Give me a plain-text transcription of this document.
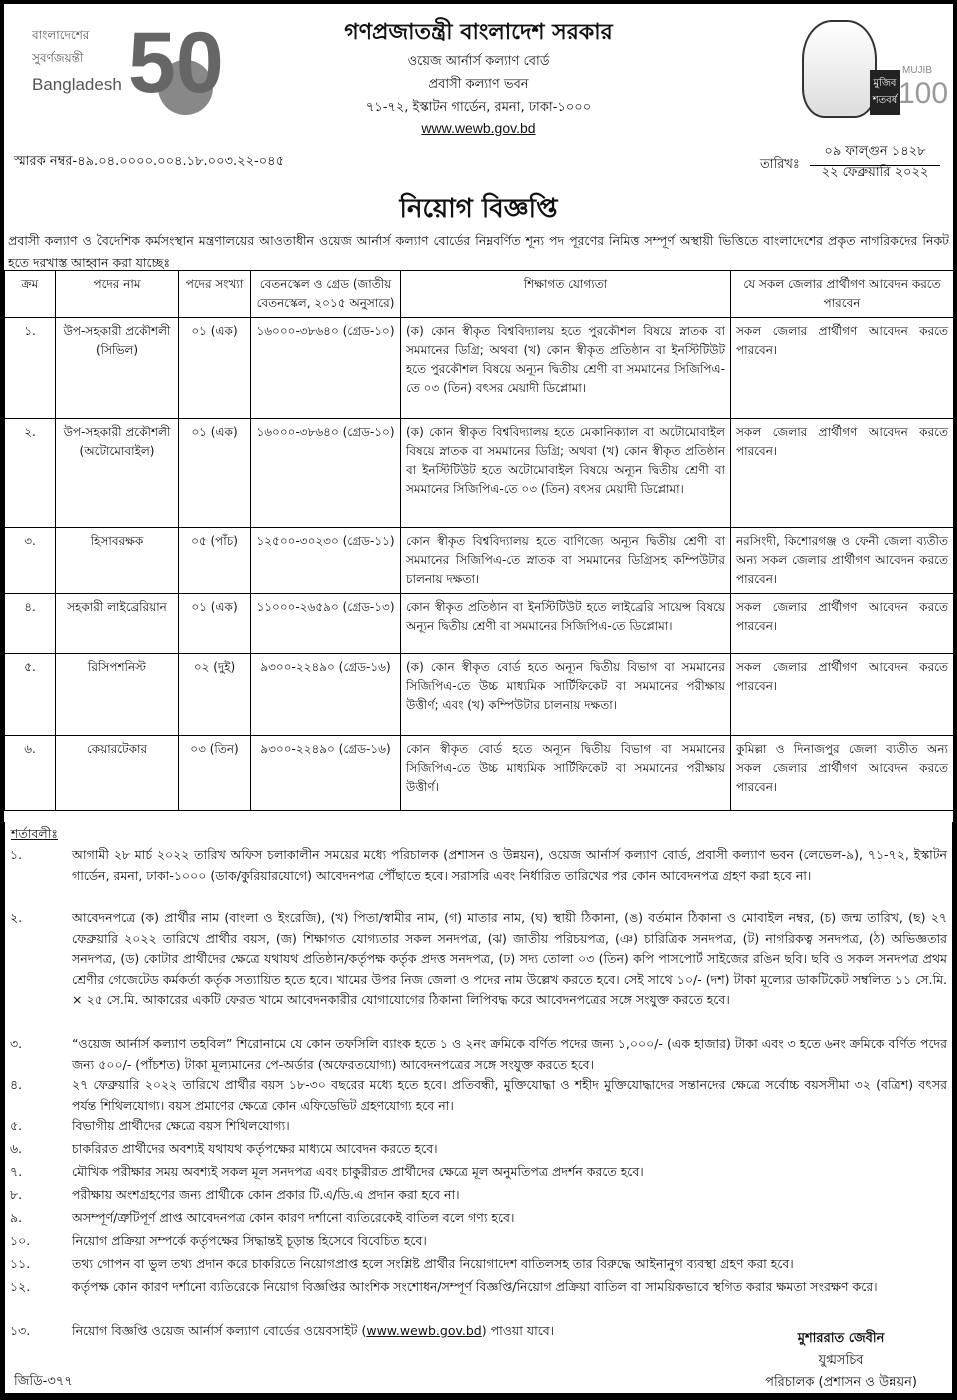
50
বাংলাদেশের
সুবর্ণজয়ন্তী
Bangladesh	মুজিব শতবর্ষ
MUJIB
100
গণপ্রজাতন্ত্রী বাংলাদেশ সরকার
ওয়েজ আর্নার্স কল্যাণ বোর্ড
প্রবাসী কল্যাণ ভবন
৭১-৭২, ইস্কাটন গার্ডেন, রমনা, ঢাকা-১০০০
www.wewb.gov.bd
স্মারক নম্বর-৪৯.০৪.০০০০.০০৪.১৮.০০৩.২২-০৪৫	তারিখঃ
০৯ ফাল্গুন ১৪২৮
২২ ফেব্রুয়ারি ২০২২
নিয়োগ বিজ্ঞপ্তি
প্রবাসী কল্যাণ ও বৈদেশিক কর্মসংস্থান মন্ত্রণালয়ের আওতাধীন ওয়েজ আর্নার্স কল্যাণ বোর্ডের নিম্নবর্ণিত শূন্য পদ পূরণের নিমিত্ত সম্পূর্ণ অস্থায়ী ভিত্তিতে বাংলাদেশের প্রকৃত নাগরিকদের নিকট হতে দরখাস্ত আহ্বান করা যাচ্ছেঃ
ক্রম	পদের নাম	পদের সংখ্যা	বেতনস্কেল ও গ্রেড (জাতীয় বেতনস্কেল, ২০১৫ অনুসারে)	শিক্ষাগত যোগ্যতা	যে সকল জেলার প্রার্থীগণ আবেদন করতে পারবেন
১.	উপ-সহকারী প্রকৌশলী (সিভিল)	০১ (এক)	১৬০০০-৩৮৬৪০ (গ্রেড-১০)	(ক) কোন স্বীকৃত বিশ্ববিদ্যালয় হতে পুরকৌশল বিষয়ে স্নাতক বা সমমানের ডিগ্রি; অথবা (খ) কোন স্বীকৃত প্রতিষ্ঠান বা ইনস্টিটিউট হতে পুরকৌশল বিষয়ে অন্যূন দ্বিতীয় শ্রেণী বা সমমানের সিজিপিএ-তে ০৩ (তিন) বৎসর মেয়াদী ডিপ্লোমা।	সকল জেলার প্রার্থীগণ আবেদন করতে পারবেন।
২.	উপ-সহকারী প্রকৌশলী (অটোমোবাইল)	০১ (এক)	১৬০০০-৩৮৬৪০ (গ্রেড-১০)	(ক) কোন স্বীকৃত বিশ্ববিদ্যালয় হতে মেকানিক্যাল বা অটোমোবাইল বিষয়ে স্নাতক বা সমমানের ডিগ্রি; অথবা (খ) কোন স্বীকৃত প্রতিষ্ঠান বা ইনস্টিটিউট হতে অটোমোবাইল বিষয়ে অন্যূন দ্বিতীয় শ্রেণী বা সমমানের সিজিপিএ-তে ০৩ (তিন) বৎসর মেয়াদী ডিপ্লোমা।	সকল জেলার প্রার্থীগণ আবেদন করতে পারবেন।
৩.	হিসাবরক্ষক	০৫ (পাঁচ)	১২৫০০-৩০২৩০ (গ্রেড-১১)	কোন স্বীকৃত বিশ্ববিদ্যালয় হতে বাণিজ্যে অন্যূন দ্বিতীয় শ্রেণী বা সমমানের সিজিপিএ-তে স্নাতক বা সমমানের ডিগ্রিসহ কম্পিউটার চালনায় দক্ষতা।	নরসিংদী, কিশোরগঞ্জ ও ফেনী জেলা ব্যতীত অন্য সকল জেলার প্রার্থীগণ আবেদন করতে পারবেন।
৪.	সহকারী লাইব্রেরিয়ান	০১ (এক)	১১০০০-২৬৫৯০ (গ্রেড-১৩)	কোন স্বীকৃত প্রতিষ্ঠান বা ইনস্টিটিউট হতে লাইব্রেরি সায়েন্স বিষয়ে অন্যূন দ্বিতীয় শ্রেণী বা সমমানের সিজিপিএ-তে ডিপ্লোমা।	সকল জেলার প্রার্থীগণ আবেদন করতে পারবেন।
৫.	রিসিপশনিস্ট	০২ (দুই)	৯৩০০-২২৪৯০ (গ্রেড-১৬)	(ক) কোন স্বীকৃত বোর্ড হতে অন্যূন দ্বিতীয় বিভাগ বা সমমানের সিজিপিএ-তে উচ্চ মাধ্যমিক সার্টিফিকেট বা সমমানের পরীক্ষায় উত্তীর্ণ; এবং (খ) কম্পিউটার চালনায় দক্ষতা।	সকল জেলার প্রার্থীগণ আবেদন করতে পারবেন।
৬.	কেয়ারটেকার	০৩ (তিন)	৯৩০০-২২৪৯০ (গ্রেড-১৬)	কোন স্বীকৃত বোর্ড হতে অন্যূন দ্বিতীয় বিভাগ বা সমমানের সিজিপিএ-তে উচ্চ মাধ্যমিক সার্টিফিকেট বা সমমানের পরীক্ষায় উত্তীর্ণ।	কুমিল্লা ও দিনাজপুর জেলা ব্যতীত অন্য সকল জেলার প্রার্থীগণ আবেদন করতে পারবেন।
শর্তাবলীঃ
১.	আগামী ২৮ মার্চ ২০২২ তারিখ অফিস চলাকালীন সময়ের মধ্যে পরিচালক (প্রশাসন ও উন্নয়ন), ওয়েজ আর্নার্স কল্যাণ বোর্ড, প্রবাসী কল্যাণ ভবন (লেভেল-৯), ৭১-৭২, ইস্কাটন গার্ডেন, রমনা, ঢাকা-১০০০ (ডাক/কুরিয়ারযোগে) আবেদনপত্র পৌঁছাতে হবে। সরাসরি এবং নির্ধারিত তারিখের পর কোন আবেদনপত্র গ্রহণ করা হবে না।
২.	আবেদনপত্রে (ক) প্রার্থীর নাম (বাংলা ও ইংরেজি), (খ) পিতা/স্বামীর নাম, (গ) মাতার নাম, (ঘ) স্থায়ী ঠিকানা, (ঙ) বর্তমান ঠিকানা ও মোবাইল নম্বর, (চ) জন্ম তারিখ, (ছ) ২৭ ফেব্রুয়ারি ২০২২ তারিখে প্রার্থীর বয়স, (জ) শিক্ষাগত যোগ্যতার সকল সনদপত্র, (ঝ) জাতীয় পরিচয়পত্র, (ঞ) চারিত্রিক সনদপত্র, (ট) নাগরিকত্ব সনদপত্র, (ঠ) অভিজ্ঞতার সনদপত্র, (ড) কোটার প্রার্থীদের ক্ষেত্রে যথাযথ প্রতিষ্ঠান/কর্তৃপক্ষ কর্তৃক প্রদত্ত সনদপত্র, (ঢ) সদ্য তোলা ০৩ (তিন) কপি পাসপোর্ট সাইজের রঙিন ছবি। ছবি ও সকল সনদপত্র প্রথম শ্রেণীর গেজেটেড কর্মকর্তা কর্তৃক সত্যায়িত হতে হবে। খামের উপর নিজ জেলা ও পদের নাম উল্লেখ করতে হবে। সেই সাথে ১০/- (দশ) টাকা মূল্যের ডাকটিকেট সম্বলিত ১১ সে.মি. × ২৫ সে.মি. আকারের একটি ফেরত খামে আবেদনকারীর যোগাযোগের ঠিকানা লিপিবদ্ধ করে আবেদনপত্রের সঙ্গে সংযুক্ত করতে হবে।
৩.	“ওয়েজ আর্নার্স কল্যাণ তহবিল” শিরোনামে যে কোন তফসিলি ব্যাংক হতে ১ ও ২নং ক্রমিকে বর্ণিত পদের জন্য ১,০০০/- (এক হাজার) টাকা এবং ৩ হতে ৬নং ক্রমিকে বর্ণিত পদের জন্য ৫০০/- (পাঁচশত) টাকা মূল্যমানের পে-অর্ডার (অফেরতযোগ্য) আবেদনপত্রের সঙ্গে সংযুক্ত করতে হবে।
৪.	২৭ ফেব্রুয়ারি ২০২২ তারিখে প্রার্থীর বয়স ১৮-৩০ বছরের মধ্যে হতে হবে। প্রতিবন্ধী, মুক্তিযোদ্ধা ও শহীদ মুক্তিযোদ্ধাদের সন্তানদের ক্ষেত্রে সর্বোচ্চ বয়সসীমা ৩২ (বত্রিশ) বৎসর পর্যন্ত শিথিলযোগ্য। বয়স প্রমাণের ক্ষেত্রে কোন এফিডেভিট গ্রহণযোগ্য হবে না।
৫.	বিভাগীয় প্রার্থীদের ক্ষেত্রে বয়স শিথিলযোগ্য।
৬.	চাকরিরত প্রার্থীদের অবশ্যই যথাযথ কর্তৃপক্ষের মাধ্যমে আবেদন করতে হবে।
৭.	মৌখিক পরীক্ষার সময় অবশ্যই সকল মূল সনদপত্র এবং চাকুরীরত প্রার্থীদের ক্ষেত্রে মূল অনুমতিপত্র প্রদর্শন করতে হবে।
৮.	পরীক্ষায় অংশগ্রহণের জন্য প্রার্থীকে কোন প্রকার টি.এ/ডি.এ প্রদান করা হবে না।
৯.	অসম্পূর্ণ/ত্রুটিপূর্ণ প্রাপ্ত আবেদনপত্র কোন কারণ দর্শানো ব্যতিরেকেই বাতিল বলে গণ্য হবে।
১০.	নিয়োগ প্রক্রিয়া সম্পর্কে কর্তৃপক্ষের সিদ্ধান্তই চূড়ান্ত হিসেবে বিবেচিত হবে।
১১.	তথ্য গোপন বা ভুল তথ্য প্রদান করে চাকরিতে নিয়োগপ্রাপ্ত হলে সংশ্লিষ্ট প্রার্থীর নিয়োগাদেশ বাতিলসহ তার বিরুদ্ধে আইনানুগ ব্যবস্থা গ্রহণ করা হবে।
১২.	কর্তৃপক্ষ কোন কারণ দর্শানো ব্যতিরেকে নিয়োগ বিজ্ঞপ্তির আংশিক সংশোধন/সম্পূর্ণ বিজ্ঞপ্তি/নিয়োগ প্রক্রিয়া বাতিল বা সাময়িকভাবে স্থগিত করার ক্ষমতা সংরক্ষণ করে।
১৩.	নিয়োগ বিজ্ঞপ্তি ওয়েজ আর্নার্স কল্যাণ বোর্ডের ওয়েবসাইট (www.wewb.gov.bd) পাওয়া যাবে।
মুশাররাত জেবীন
যুগ্মসচিব
পরিচালক (প্রশাসন ও উন্নয়ন)
জিডি-৩৭৭
